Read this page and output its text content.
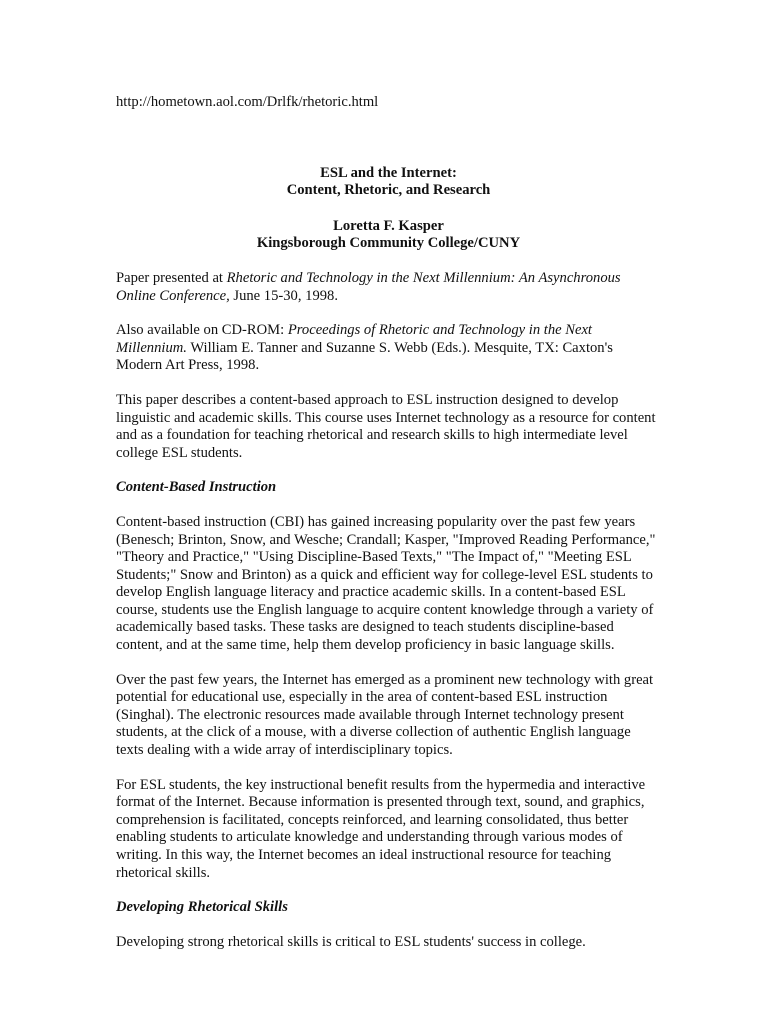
http://hometown.aol.com/Drlfk/rhetoric.html

ESL and the Internet:
Content, Rhetoric, and Research
Loretta F. Kasper
Kingsborough Community College/CUNY

Paper presented at Rhetoric and Technology in the Next Millennium: An Asynchronous Online Conference, June 15-30, 1998.

Also available on CD-ROM: Proceedings of Rhetoric and Technology in the Next Millennium. William E. Tanner and Suzanne S. Webb (Eds.). Mesquite, TX: Caxton's Modern Art Press, 1998.

This paper describes a content-based approach to ESL instruction designed to develop linguistic and academic skills. This course uses Internet technology as a resource for content and as a foundation for teaching rhetorical and research skills to high intermediate level college ESL students.

Content-Based Instruction

Content-based instruction (CBI) has gained increasing popularity over the past few years (Benesch; Brinton, Snow, and Wesche; Crandall; Kasper, "Improved Reading Performance," "Theory and Practice," "Using Discipline-Based Texts," "The Impact of," "Meeting ESL Students;" Snow and Brinton) as a quick and efficient way for college-level ESL students to develop English language literacy and practice academic skills. In a content-based ESL course, students use the English language to acquire content knowledge through a variety of academically based tasks. These tasks are designed to teach students discipline-based content, and at the same time, help them develop proficiency in basic language skills.

Over the past few years, the Internet has emerged as a prominent new technology with great potential for educational use, especially in the area of content-based ESL instruction (Singhal). The electronic resources made available through Internet technology present students, at the click of a mouse, with a diverse collection of authentic English language texts dealing with a wide array of interdisciplinary topics.

For ESL students, the key instructional benefit results from the hypermedia and interactive format of the Internet. Because information is presented through text, sound, and graphics, comprehension is facilitated, concepts reinforced, and learning consolidated, thus better enabling students to articulate knowledge and understanding through various modes of writing. In this way, the Internet becomes an ideal instructional resource for teaching rhetorical skills.

Developing Rhetorical Skills

Developing strong rhetorical skills is critical to ESL students' success in college.
